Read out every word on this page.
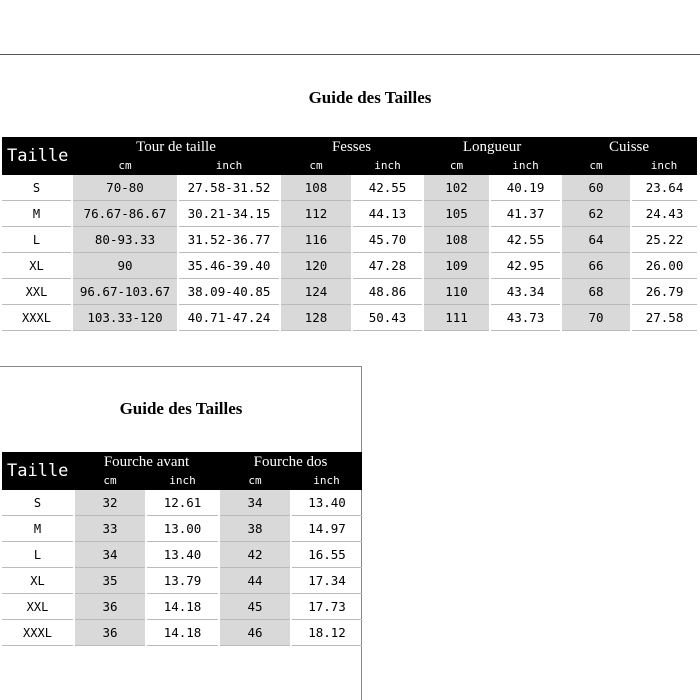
Guide des Tailles
Taille	Tour de taille		Fesses		Longueur		Cuisse	
	cm	inch	cm	inch	cm	inch	cm	inch
S	70-80	27.58-31.52	108	42.55	102	40.19	60	23.64
M	76.67-86.67	30.21-34.15	112	44.13	105	41.37	62	24.43
L	80-93.33	31.52-36.77	116	45.70	108	42.55	64	25.22
XL	90	35.46-39.40	120	47.28	109	42.95	66	26.00
XXL	96.67-103.67	38.09-40.85	124	48.86	110	43.34	68	26.79
XXXL	103.33-120	40.71-47.24	128	50.43	111	43.73	70	27.58
Guide des Tailles
Taille	Fourche avant		Fourche dos	
	cm	inch	cm	inch
S	32	12.61	34	13.40
M	33	13.00	38	14.97
L	34	13.40	42	16.55
XL	35	13.79	44	17.34
XXL	36	14.18	45	17.73
XXXL	36	14.18	46	18.12
